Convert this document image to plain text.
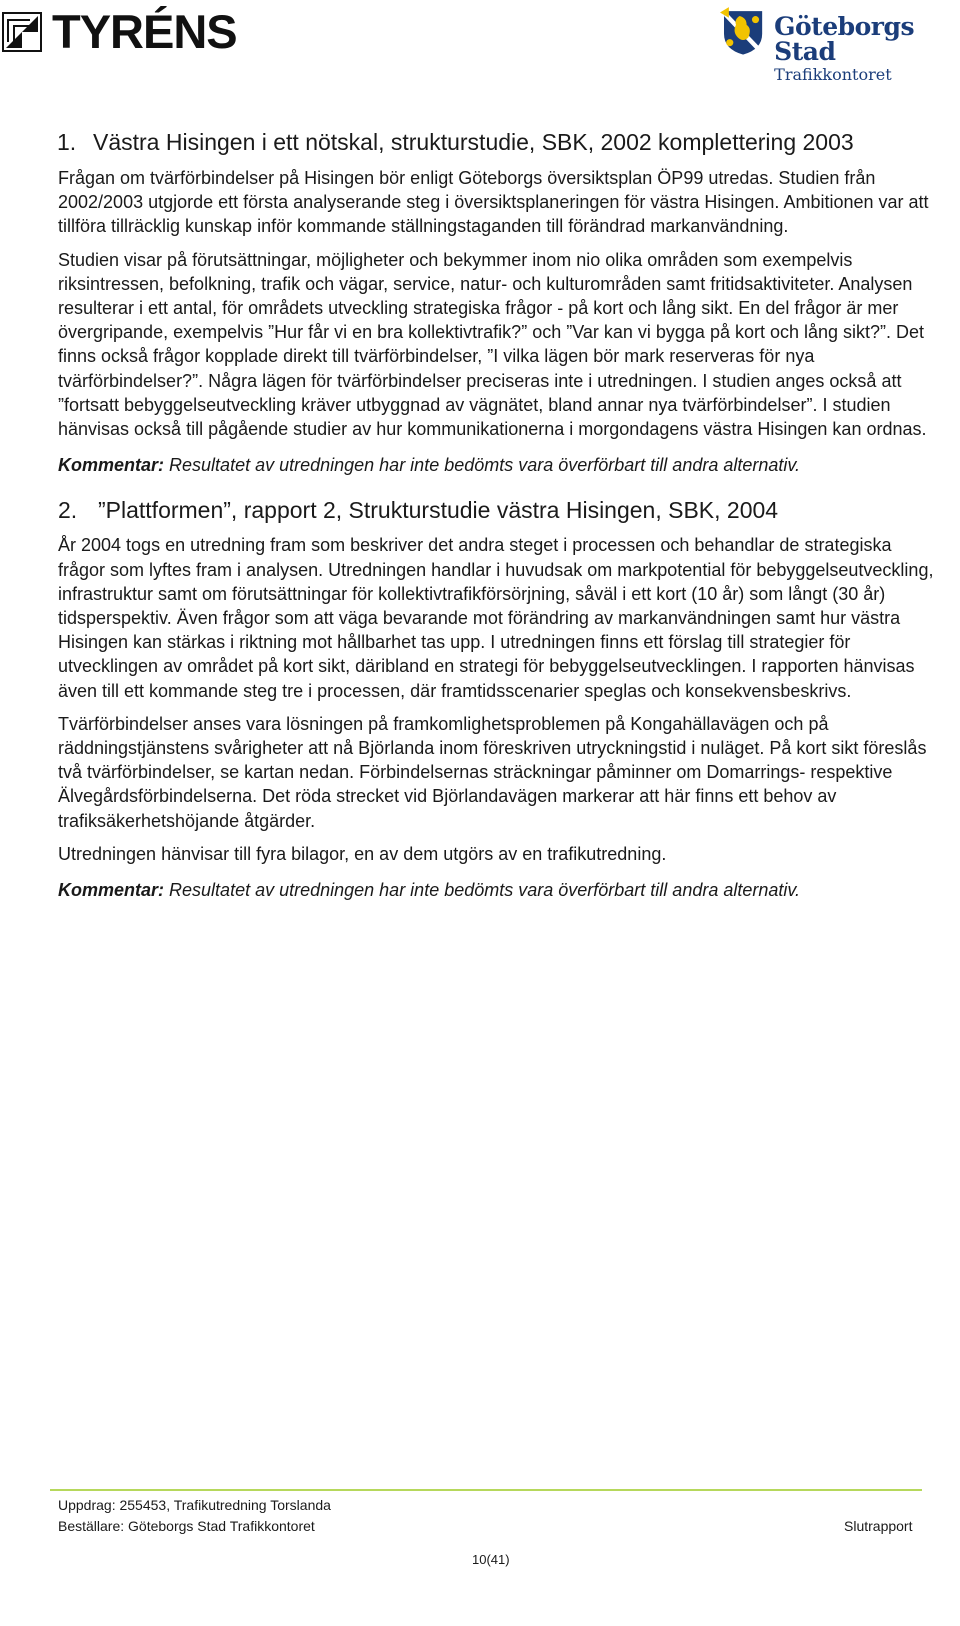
TYRÉNS	Göteborgs Stad
Trafikkontoret
1. Västra Hisingen i ett nötskal, strukturstudie, SBK, 2002 komplettering 2003

Frågan om tvärförbindelser på Hisingen bör enligt Göteborgs översiktsplan ÖP99 utredas. Studien från 2002/2003 utgjorde ett första analyserande steg i översiktsplaneringen för västra Hisingen. Ambitionen var att tillföra tillräcklig kunskap inför kommande ställningstaganden till förändrad markanvändning.

Studien visar på förutsättningar, möjligheter och bekymmer inom nio olika områden som exempelvis riksintressen, befolkning, trafik och vägar, service, natur- och kulturområden samt fritidsaktiviteter. Analysen resulterar i ett antal, för områdets utveckling strategiska frågor - på kort och lång sikt. En del frågor är mer övergripande, exempelvis ”Hur får vi en bra kollektivtrafik?” och ”Var kan vi bygga på kort och lång sikt?”. Det finns också frågor kopplade direkt till tvärförbindelser, ”I vilka lägen bör mark reserveras för nya tvärförbindelser?”. Några lägen för tvärförbindelser preciseras inte i utredningen. I studien anges också att ”fortsatt bebyggelseutveckling kräver utbyggnad av vägnätet, bland annar nya tvärförbindelser”. I studien hänvisas också till pågående studier av hur kommunikationerna i morgondagens västra Hisingen kan ordnas.

Kommentar: Resultatet av utredningen har inte bedömts vara överförbart till andra alternativ.

2. ”Plattformen”, rapport 2, Strukturstudie västra Hisingen, SBK, 2004

År 2004 togs en utredning fram som beskriver det andra steget i processen och behandlar de strategiska frågor som lyftes fram i analysen. Utredningen handlar i huvudsak om markpotential för bebyggelseutveckling, infrastruktur samt om förutsättningar för kollektivtrafikförsörjning, såväl i ett kort (10 år) som långt (30 år) tidsperspektiv. Även frågor som att väga bevarande mot förändring av markanvändningen samt hur västra Hisingen kan stärkas i riktning mot hållbarhet tas upp. I utredningen finns ett förslag till strategier för utvecklingen av området på kort sikt, däribland en strategi för bebyggelseutvecklingen. I rapporten hänvisas även till ett kommande steg tre i processen, där framtidsscenarier speglas och konsekvensbeskrivs.

Tvärförbindelser anses vara lösningen på framkomlighetsproblemen på Kongahällavägen och på räddningstjänstens svårigheter att nå Björlanda inom föreskriven utryckningstid i nuläget. På kort sikt föreslås två tvärförbindelser, se kartan nedan. Förbindelsernas sträckningar påminner om Domarrings- respektive Älvegårdsförbindelserna. Det röda strecket vid Björlandavägen markerar att här finns ett behov av trafiksäkerhetshöjande åtgärder.

Utredningen hänvisar till fyra bilagor, en av dem utgörs av en trafikutredning.

Kommentar: Resultatet av utredningen har inte bedömts vara överförbart till andra alternativ.

Uppdrag: 255453, Trafikutredning Torslanda
Beställare: Göteborgs Stad Trafikkontoret	Slutrapport
10(41)
